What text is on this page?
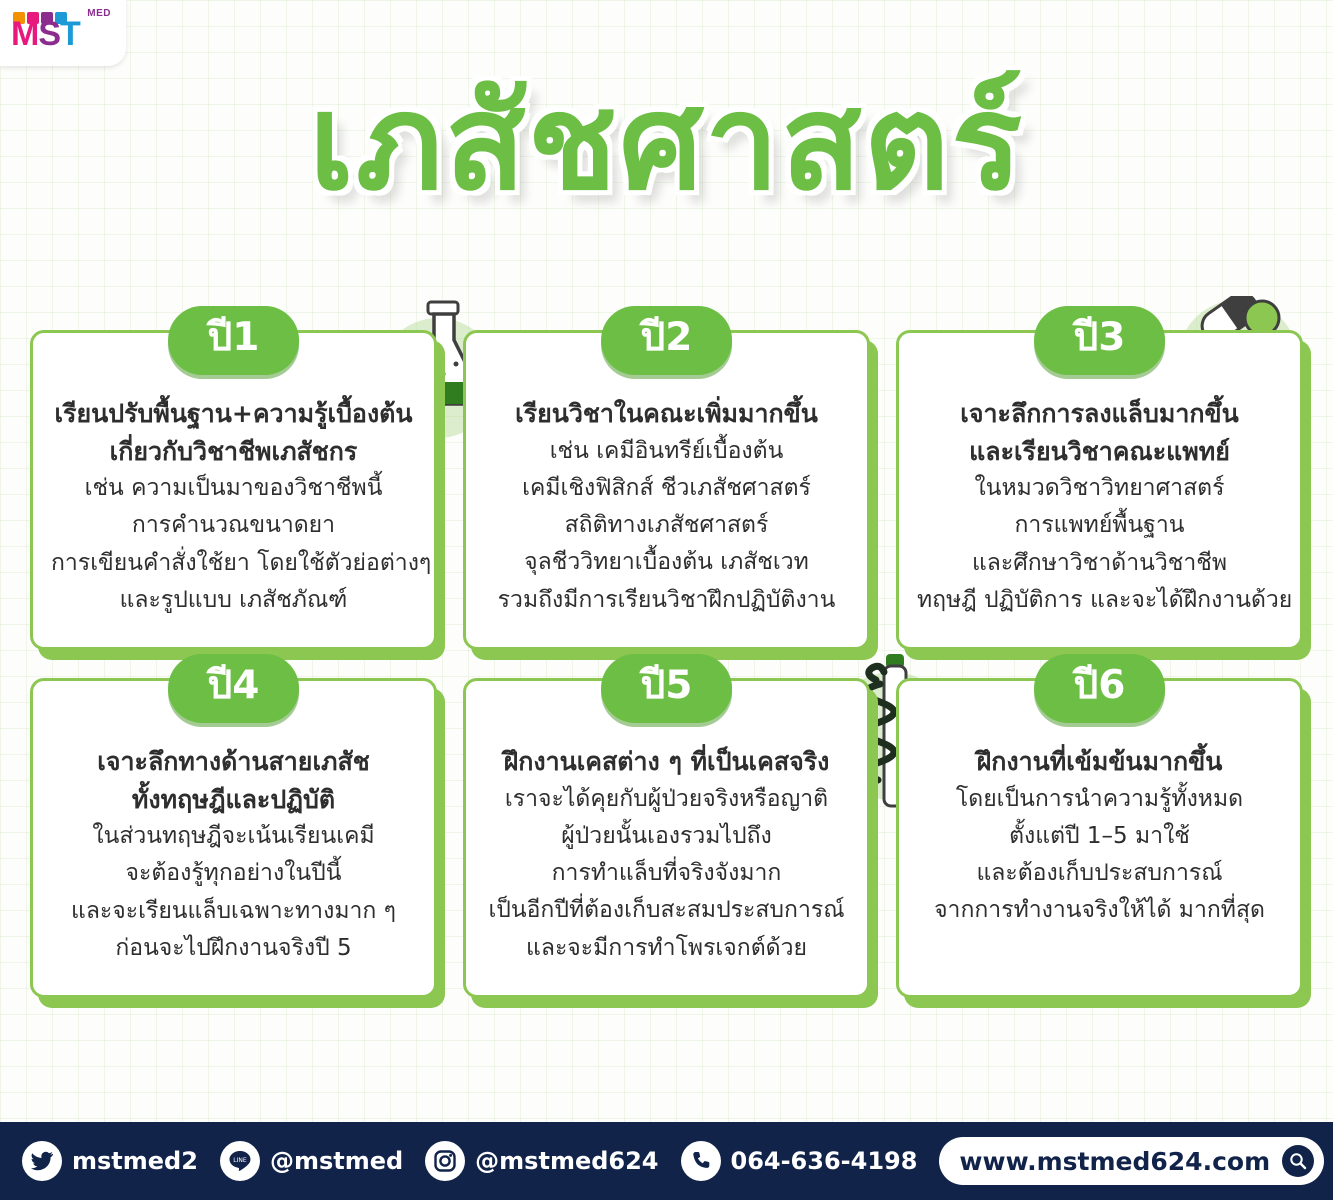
MED
MST
เภสัชศาสตร์
เรียนปรับพื้นฐาน+ความรู้เบื้องต้น
เกี่ยวกับวิชาชีพเภสัชกร
เช่น ความเป็นมาของวิชาชีพนี้
การคำนวณขนาดยา
การเขียนคำสั่งใช้ยา โดยใช้ตัวย่อต่างๆ
และรูปแบบ เภสัชภัณฑ์
ปี1
เรียนวิชาในคณะเพิ่มมากขึ้น
เช่น เคมีอินทรีย์เบื้องต้น
เคมีเชิงฟิสิกส์ ชีวเภสัชศาสตร์
สถิติทางเภสัชศาสตร์
จุลชีววิทยาเบื้องต้น เภสัชเวท
รวมถึงมีการเรียนวิชาฝึกปฏิบัติงาน
ปี2
เจาะลึกการลงแล็บมากขึ้น
และเรียนวิชาคณะแพทย์
ในหมวดวิชาวิทยาศาสตร์
การแพทย์พื้นฐาน
และศึกษาวิชาด้านวิชาชีพ
ทฤษฎี ปฏิบัติการ และจะได้ฝึกงานด้วย
ปี3
เจาะลึกทางด้านสายเภสัช
ทั้งทฤษฎีและปฏิบัติ
ในส่วนทฤษฎีจะเน้นเรียนเคมี
จะต้องรู้ทุกอย่างในปีนี้
และจะเรียนแล็บเฉพาะทางมาก ๆ
ก่อนจะไปฝึกงานจริงปี 5
ปี4
ฝึกงานเคสต่าง ๆ ที่เป็นเคสจริง
เราจะได้คุยกับผู้ป่วยจริงหรือญาติ
ผู้ป่วยนั้นเองรวมไปถึง
การทำแล็บที่จริงจังมาก
เป็นอีกปีที่ต้องเก็บสะสมประสบการณ์
และจะมีการทำโพรเจกต์ด้วย
ปี5
ฝึกงานที่เข้มข้นมากขึ้น
โดยเป็นการนำความรู้ทั้งหมด
ตั้งแต่ปี 1–5 มาใช้
และต้องเก็บประสบการณ์
จากการทำงานจริงให้ได้ มากที่สุด
ปี6
mstmed2	LINE @mstmed	@mstmed624	064-636-4198 www.mstmed624.com
